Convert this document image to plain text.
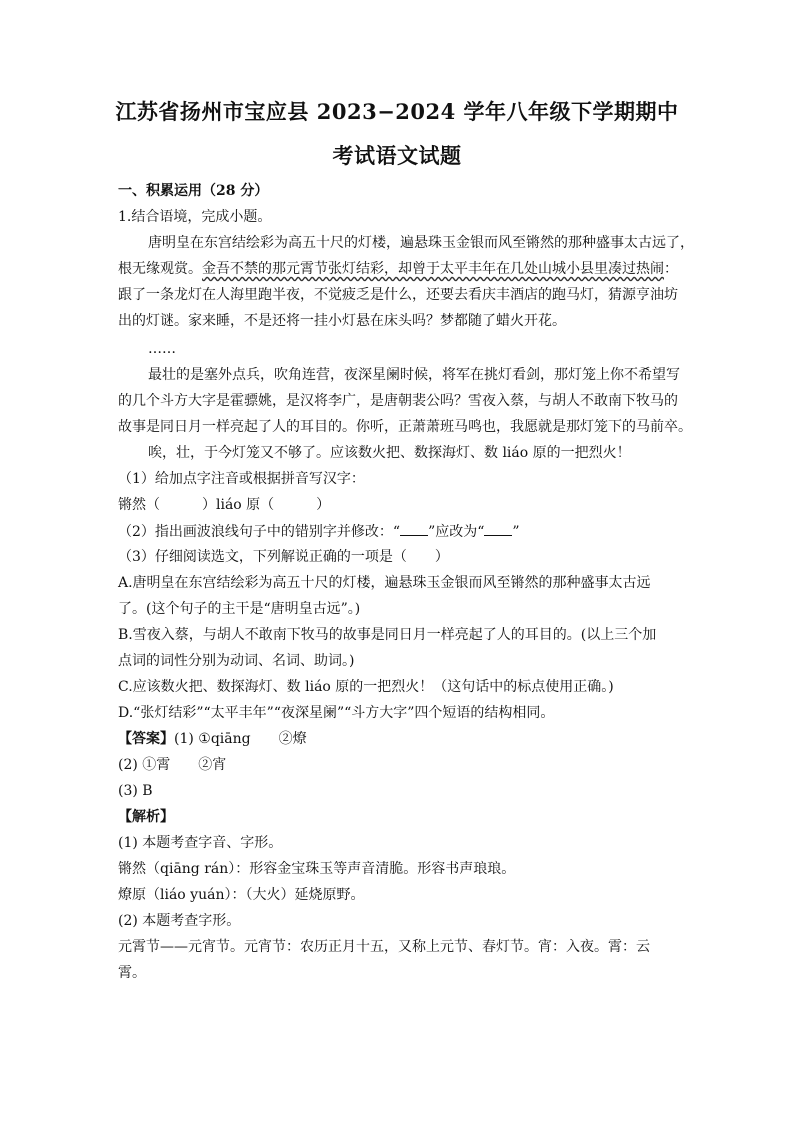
江苏省扬州市宝应县 2023−2024 学年八年级下学期期中
考试语文试题
一、积累运用（28 分）
1.结合语境，完成小题。
唐明皇在东宫结绘彩为高五十尺的灯楼，遍悬珠玉金银而风至锵然的那种盛事太古远了，
根无缘观赏。金吾不禁的那元霄节张灯结彩，却曾于太平丰年在几处山城小县里凑过热闹：
跟了一条龙灯在人海里跑半夜，不觉疲乏是什么，还要去看庆丰酒店的跑马灯，猜源亨油坊
出的灯谜。家来睡，不是还将一挂小灯悬在床头吗？梦都随了蜡火开花。
……
最壮的是塞外点兵，吹角连营，夜深星阑时候，将军在挑灯看剑，那灯笼上你不希望写
的几个斗方大字是霍骠姚，是汉将李广，是唐朝裴公吗？雪夜入蔡，与胡人不敢南下牧马的
故事是同日月一样亮起了人的耳目的。你听，正萧萧班马鸣也，我愿就是那灯笼下的马前卒。
唉，壮，于今灯笼又不够了。应该数火把、数探海灯、数 liáo 原的一把烈火！
（1）给加点字注音或根据拼音写汉字：
锵然（　　　）liáo 原（　　　）
（2）指出画波浪线句子中的错别字并修改：“ ”应改为“ ”
（3）仔细阅读选文，下列解说正确的一项是（　　）
A.唐明皇在东宫结绘彩为高五十尺的灯楼，遍悬珠玉金银而风至锵然的那种盛事太古远
了。(这个句子的主干是“唐明皇古远”。)
B.雪夜入蔡，与胡人不敢南下牧马的故事是同日月一样亮起了人的耳目的。(以上三个加
点词的词性分别为动词、名词、助词。)
C.应该数火把、数探海灯、数 liáo 原的一把烈火！（这句话中的标点使用正确。)
D.“张灯结彩”“太平丰年”“夜深星阑”“斗方大字”四个短语的结构相同。
【答案】(1) ①qiāng　　②燎
(2) ①霄　　②宵
(3) B
【解析】
(1) 本题考查字音、字形。
锵然（qiāng rán）：形容金宝珠玉等声音清脆。形容书声琅琅。
燎原（liáo yuán）：（大火）延烧原野。
(2) 本题考查字形。
元霄节——元宵节。元宵节：农历正月十五，又称上元节、春灯节。宵：入夜。霄：云
霄。
